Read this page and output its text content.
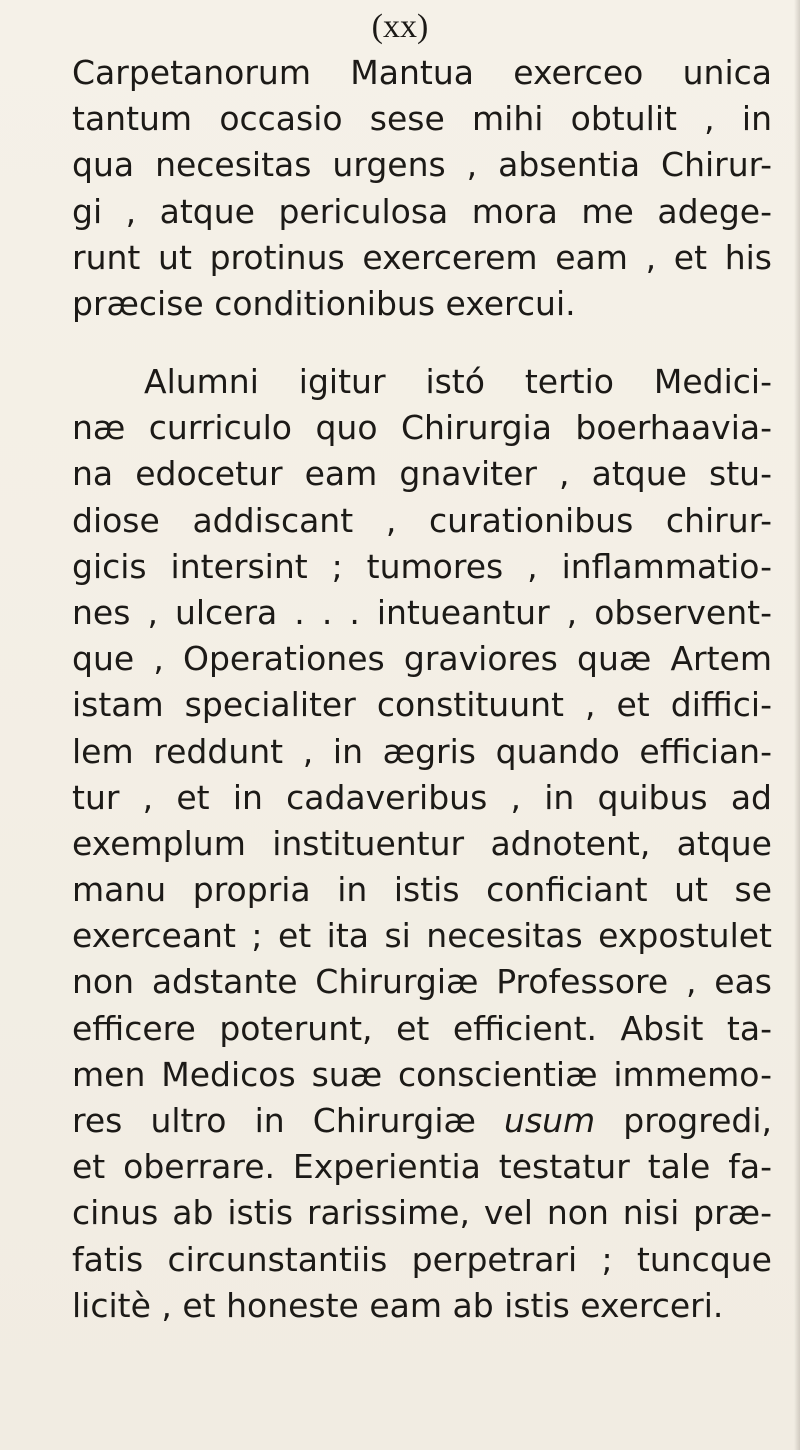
(xx)

Carpetanorum Mantua exerceo unica
tantum occasio sese mihi obtulit , in
qua necesitas urgens , absentia Chirur-
gi , atque periculosa mora me adege-
runt ut protinus exercerem eam , et his
præcise conditionibus exercui.
Alumni igitur istó tertio Medici-
næ curriculo quo Chirurgia boerhaavia-
na edocetur eam gnaviter , atque stu-
diose addiscant , curationibus chirur-
gicis intersint ; tumores , inflammatio-
nes , ulcera . . . intueantur , observent-
que , Operationes graviores quæ Artem
istam specialiter constituunt , et diffici-
lem reddunt , in ægris quando effician-
tur , et in cadaveribus , in quibus ad
exemplum instituentur adnotent, atque
manu propria in istis conficiant ut se
exerceant ; et ita si necesitas expostulet
non adstante Chirurgiæ Professore , eas
efficere poterunt, et efficient. Absit ta-
men Medicos suæ conscientiæ immemo-
res ultro in Chirurgiæ usum progredi,
et oberrare. Experientia testatur tale fa-
cinus ab istis rarissime, vel non nisi præ-
fatis circunstantiis perpetrari ; tuncque
licitè , et honeste eam ab istis exerceri.
